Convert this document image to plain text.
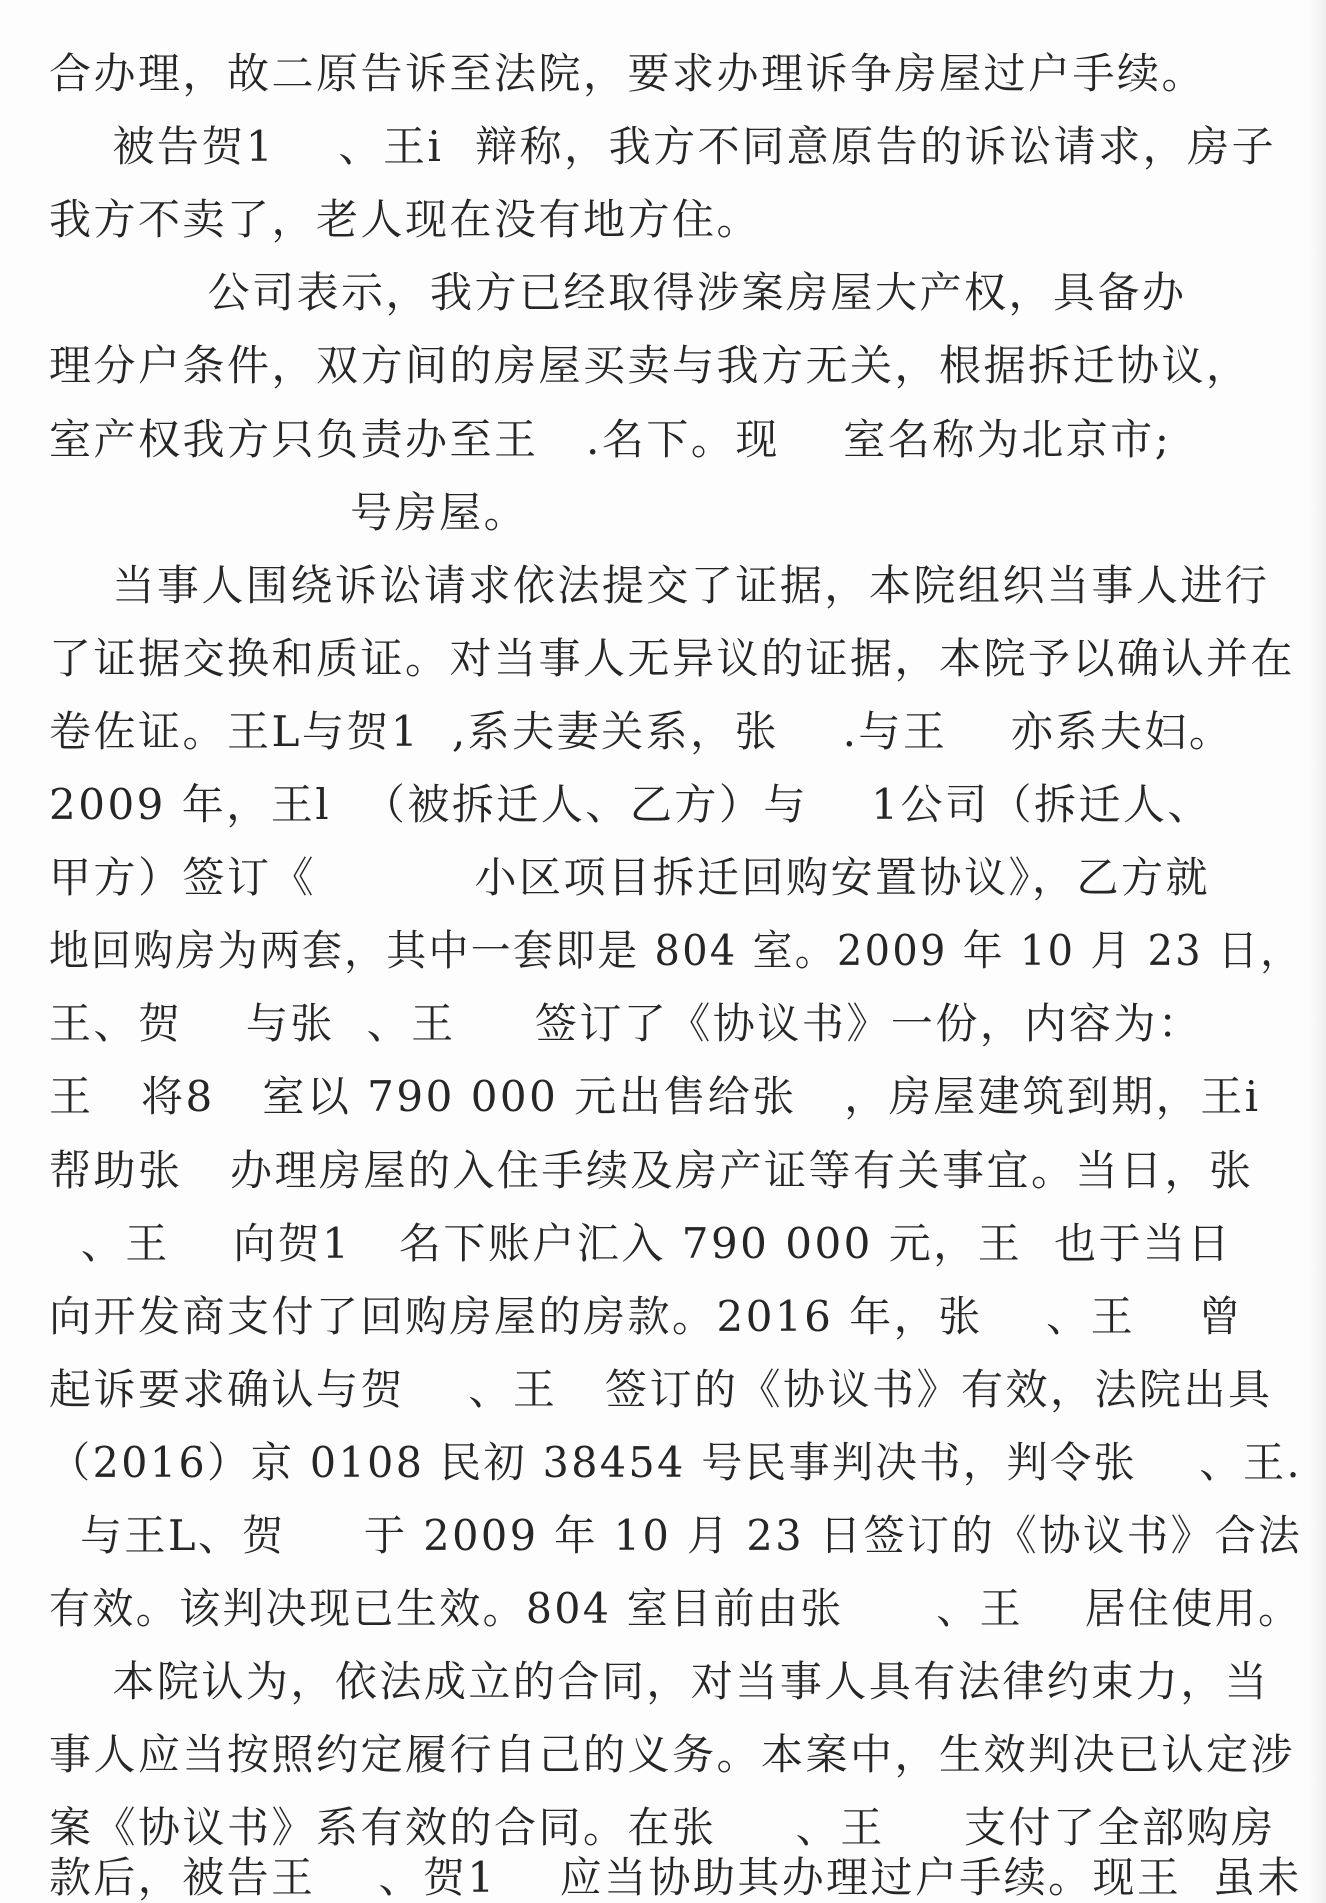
合办理，故二原告诉至法院，要求办理诉争房屋过户手续。
被告贺1    、王i  辩称，我方不同意原告的诉讼请求，房子
我方不卖了，老人现在没有地方住。
公司表示，我方已经取得涉案房屋大产权，具备办
理分户条件，双方间的房屋买卖与我方无关，根据拆迁协议，
室产权我方只负责办至王   .名下。现    室名称为北京市;
号房屋。
当事人围绕诉讼请求依法提交了证据，本院组织当事人进行
了证据交换和质证。对当事人无异议的证据，本院予以确认并在
卷佐证。王L与贺1  ,系夫妻关系，张    .与王    亦系夫妇。
2009 年，王l  （被拆迁人、乙方）与    1公司（拆迁人、
甲方）签订《          小区项目拆迁回购安置协议》，乙方就
地回购房为两套，其中一套即是 804 室。2009 年 10 月 23 日，
王、贺    与张  、王     签订了《协议书》一份，内容为：
王   将8   室以 790 000 元出售给张   ，房屋建筑到期，王i
帮助张   办理房屋的入住手续及房产证等有关事宜。当日，张
、王    向贺1   名下账户汇入 790 000 元，王  也于当日
向开发商支付了回购房屋的房款。2016 年，张    、王    曾
起诉要求确认与贺    、王   签订的《协议书》有效，法院出具
（2016）京 0108 民初 38454 号民事判决书，判令张    、王.
与王L、贺     于 2009 年 10 月 23 日签订的《协议书》合法
有效。该判决现已生效。804 室目前由张      、王    居住使用。
本院认为，依法成立的合同，对当事人具有法律约束力，当
事人应当按照约定履行自己的义务。本案中，生效判决已认定涉
案《协议书》系有效的合同。在张     、王     支付了全部购房
款后，被告王    、贺1    应当协助其办理过户手续。现王  虽未
